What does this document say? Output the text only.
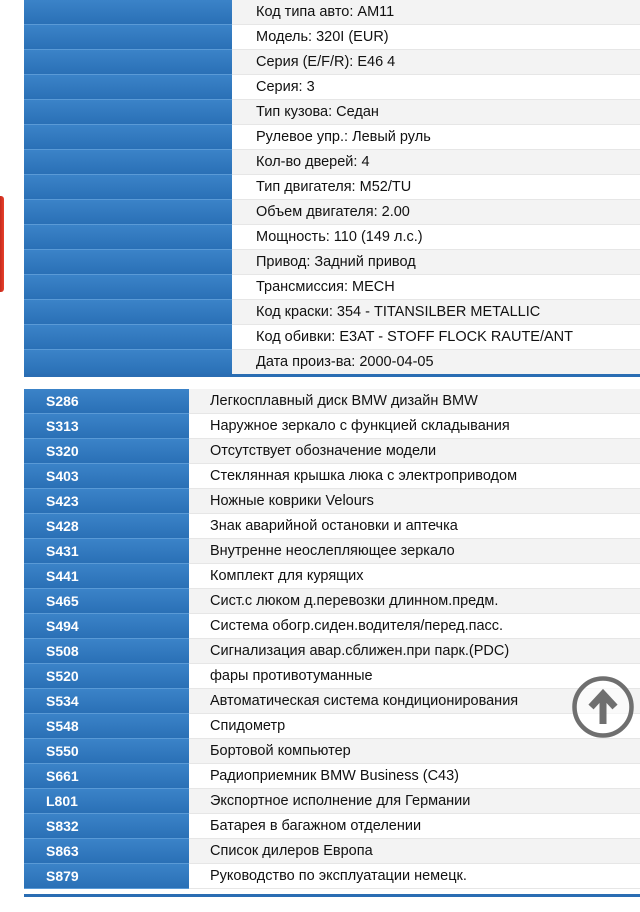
Код типа авто: AM11
Модель: 320I (EUR)
Серия (E/F/R): E46 4
Серия: 3
Тип кузова: Седан
Рулевое упр.: Левый руль
Кол-во дверей: 4
Тип двигателя: M52/TU
Объем двигателя: 2.00
Мощность: 110 (149 л.с.)
Привод: Задний привод
Трансмиссия: MECH
Код краски: 354 - TITANSILBER METALLIC
Код обивки: E3AT - STOFF FLOCK RAUTE/ANT
Дата произ-ва: 2000-04-05
S286	Легкосплавный диск BMW дизайн BMW
S313	Наружное зеркало с функцией складывания
S320	Отсутствует обозначение модели
S403	Стеклянная крышка люка с электроприводом
S423	Ножные коврики Velours
S428	Знак аварийной остановки и аптечка
S431	Внутренне неослепляющее зеркало
S441	Комплект для курящих
S465	Сист.с люком д.перевозки длинном.предм.
S494	Система обогр.сиден.водителя/перед.пасс.
S508	Сигнализация авар.сближен.при парк.(PDC)
S520	фары противотуманные
S534	Автоматическая система кондиционирования
S548	Спидометр
S550	Бортовой компьютер
S661	Радиоприемник BMW Business (C43)
L801	Экспортное исполнение для Германии
S832	Батарея в багажном отделении
S863	Список дилеров Европа
S879	Руководство по эксплуатации немецк.
